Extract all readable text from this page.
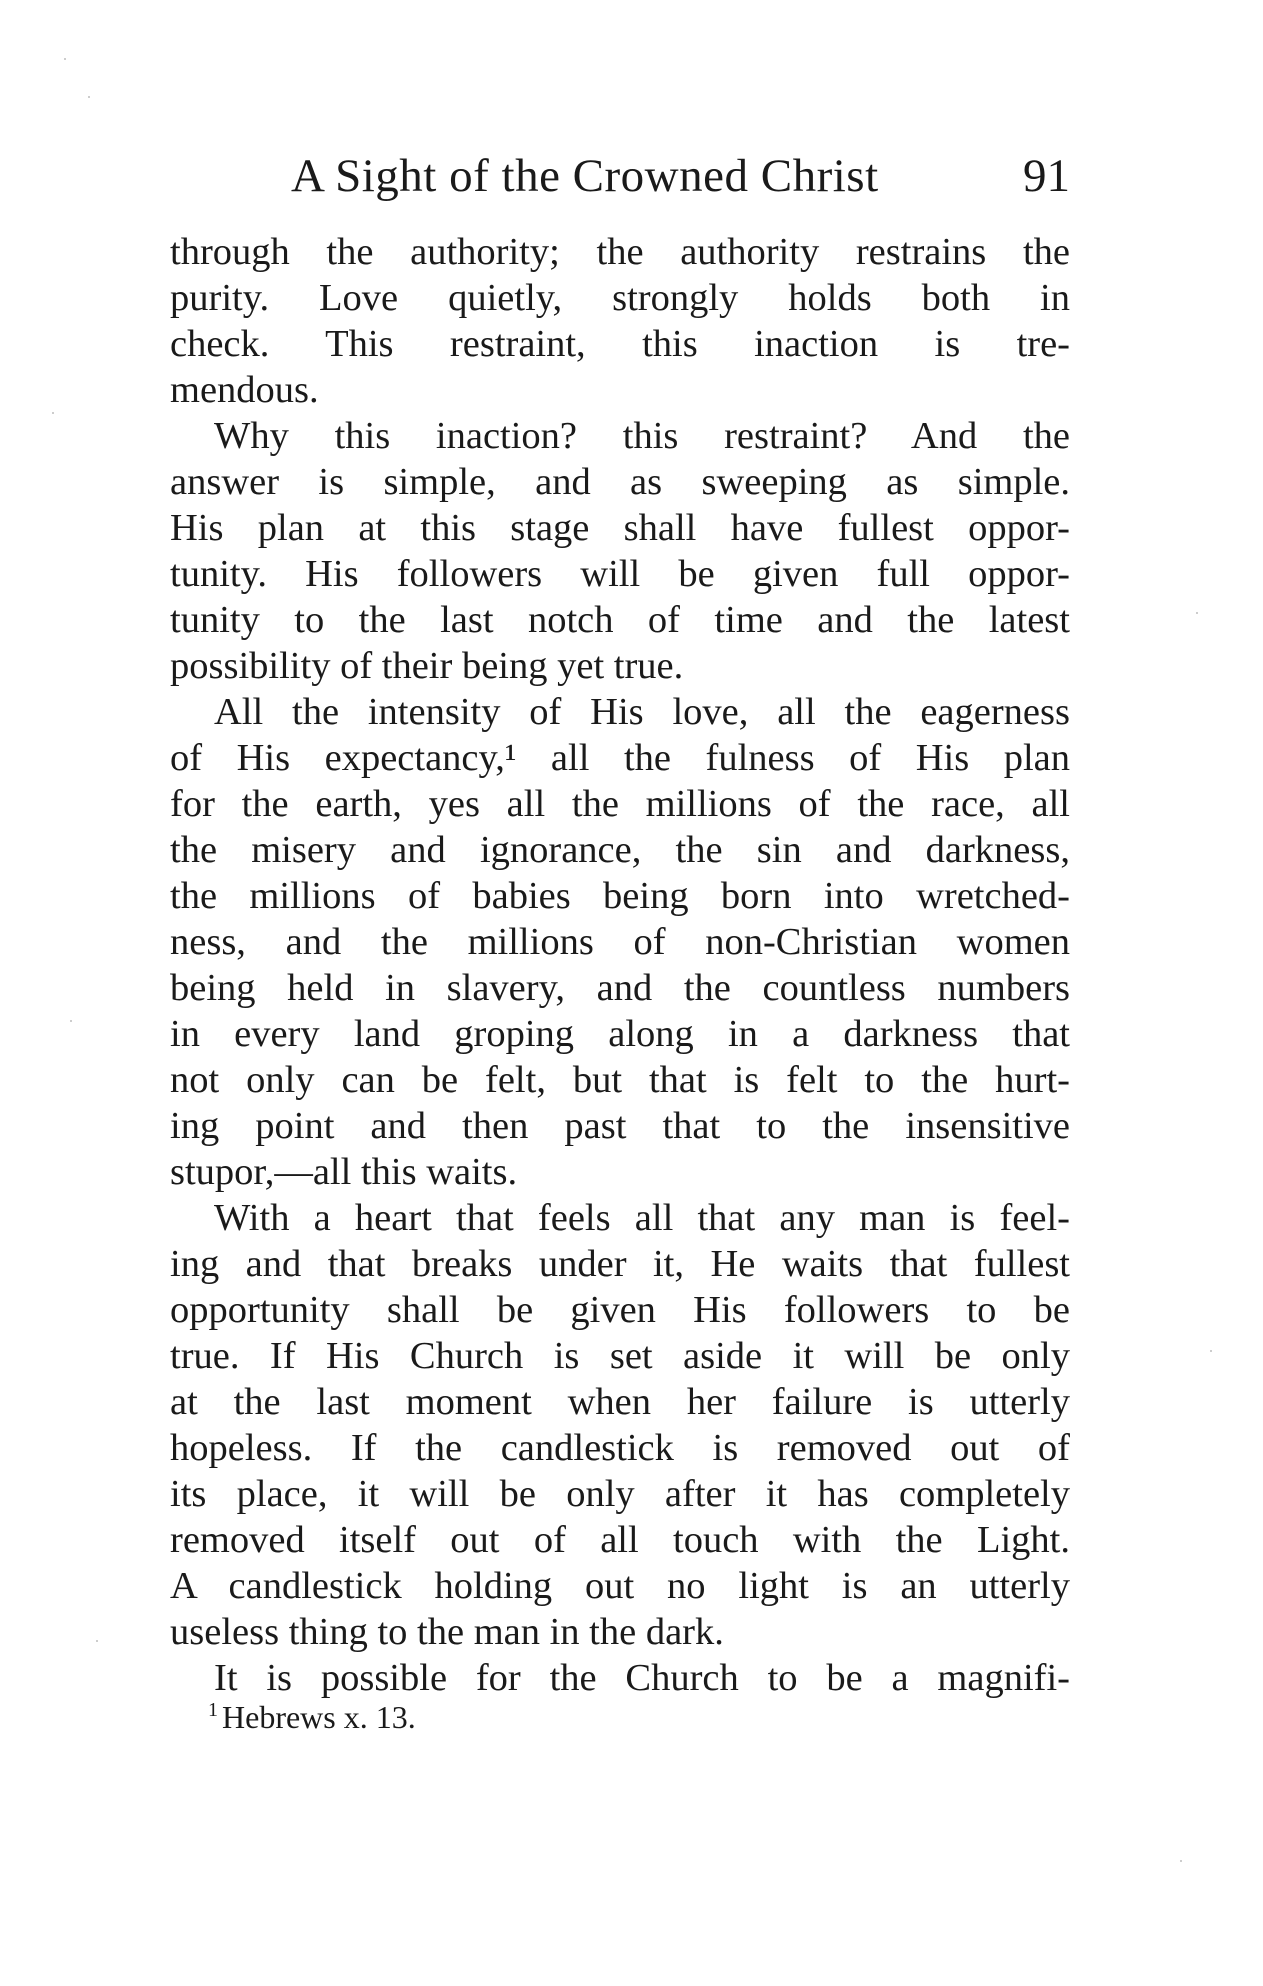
A Sight of the Crowned Christ	91
through the authority; the authority restrains the
purity. Love quietly, strongly holds both in
check. This restraint, this inaction is tre-
mendous.
Why this inaction? this restraint? And the
answer is simple, and as sweeping as simple.
His plan at this stage shall have fullest oppor-
tunity. His followers will be given full oppor-
tunity to the last notch of time and the latest
possibility of their being yet true.
All the intensity of His love, all the eagerness
of His expectancy,¹ all the fulness of His plan
for the earth, yes all the millions of the race, all
the misery and ignorance, the sin and darkness,
the millions of babies being born into wretched-
ness, and the millions of non-Christian women
being held in slavery, and the countless numbers
in every land groping along in a darkness that
not only can be felt, but that is felt to the hurt-
ing point and then past that to the insensitive
stupor,—all this waits.
With a heart that feels all that any man is feel-
ing and that breaks under it, He waits that fullest
opportunity shall be given His followers to be
true. If His Church is set aside it will be only
at the last moment when her failure is utterly
hopeless. If the candlestick is removed out of
its place, it will be only after it has completely
removed itself out of all touch with the Light.
A candlestick holding out no light is an utterly
useless thing to the man in the dark.
It is possible for the Church to be a magnifi-
$^1$ Hebrews x. 13.
